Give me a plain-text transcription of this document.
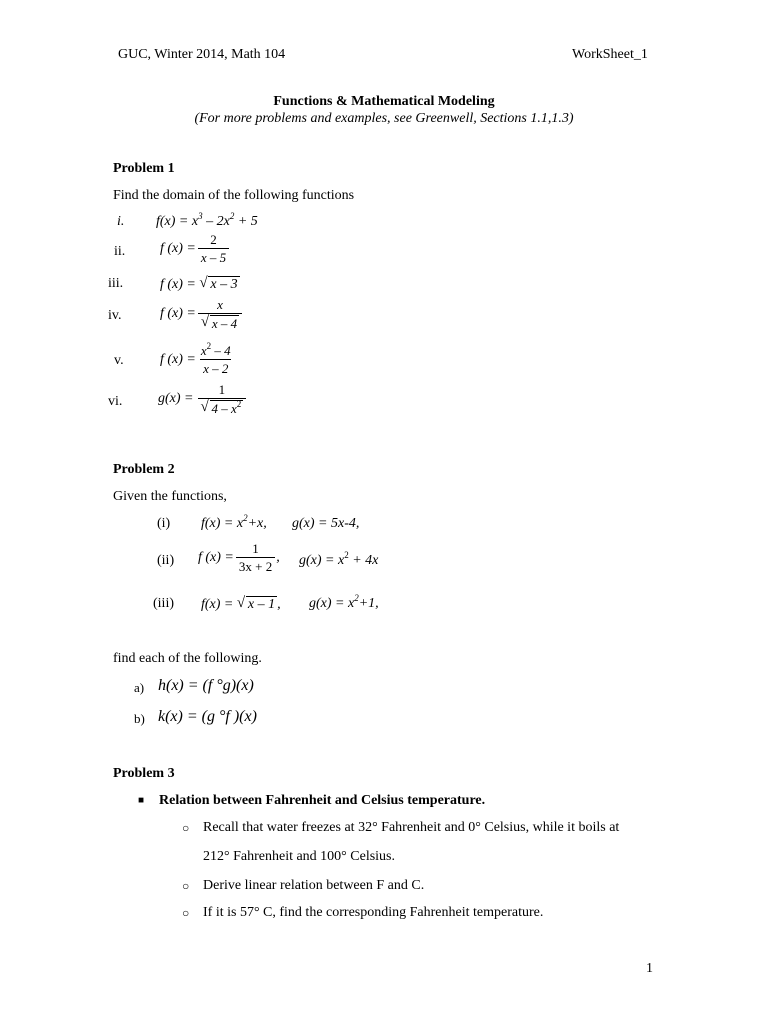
GUC, Winter 2014, Math 104	WorkSheet_1
Functions & Mathematical Modeling
(For more problems and examples, see Greenwell, Sections 1.1,1.3)
Problem 1
Find the domain of the following functions
i. $f(x) = x^3 - 2x^2 + 5$
ii. f $(x) = \frac{2}{x - 5}$
iii.	f (x) = √ x – 3
iv.	f $(x) = \frac{x}{√ x - 4}$
v.	f $(x) = \frac{x^2 - 4}{x - 2}$
vi.	$g(x) = \frac{1}{√ 4 - x^2}$
Problem 2
Given the functions,
(i) $f(x) = x^2+x$, g(x) = 5x-4,
(ii) f $(x) = \frac{1}{3x + 2}$ , $g(x) = x^2 + 4x$
(iii) f(x) = √ x – 1 , $g(x) = x^2+1$,
find each of the following.
a) h(x) = (f °g)(x)
b) k(x) = (g °f )(x)
Problem 3
■ Relation between Fahrenheit and Celsius temperature.
○ Recall that water freezes at 32° Fahrenheit and 0° Celsius, while it boils at
212° Fahrenheit and 100° Celsius.
○ Derive linear relation between F and C.
○ If it is 57° C, find the corresponding Fahrenheit temperature.
1
